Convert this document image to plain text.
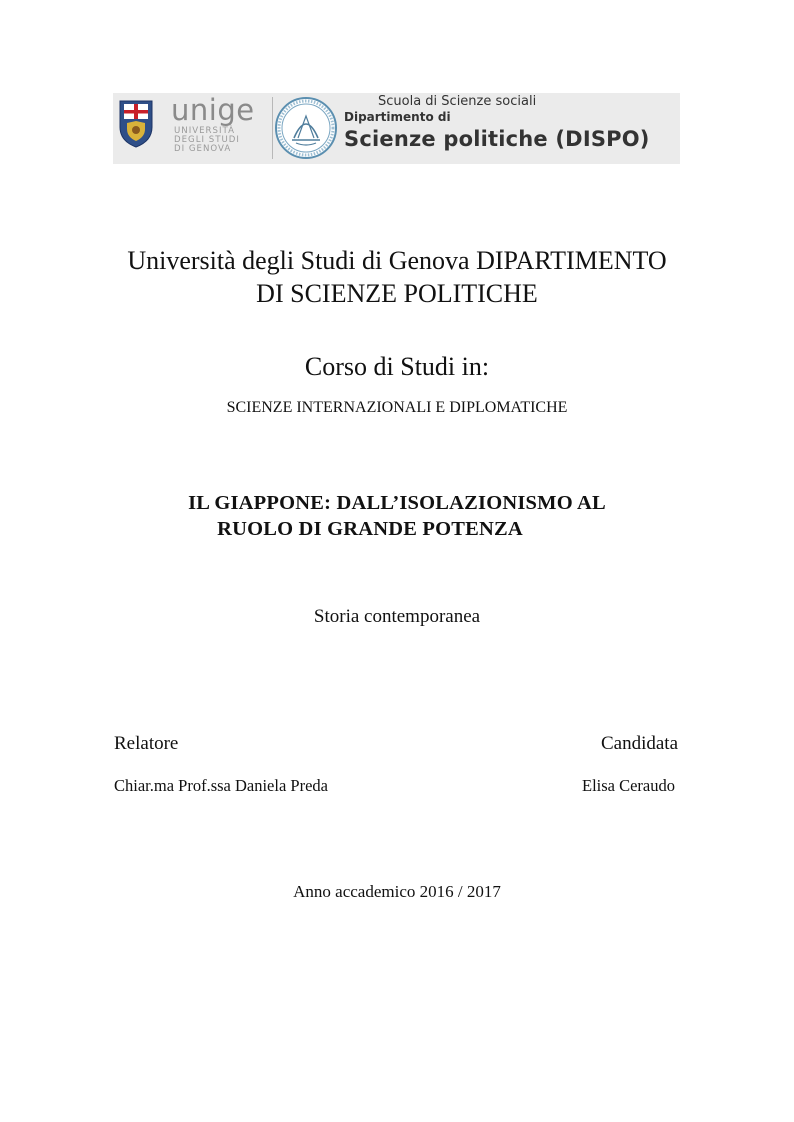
unige
UNIVERSITÀ
DEGLI STUDI
DI GENOVA
Scuola di Scienze sociali
Dipartimento di
Scienze politiche (DISPO)
Università degli Studi di Genova DIPARTIMENTO
DI SCIENZE POLITICHE
Corso di Studi in:
SCIENZE INTERNAZIONALI E DIPLOMATICHE
IL GIAPPONE: DALL’ISOLAZIONISMO AL
RUOLO DI GRANDE POTENZA
Storia contemporanea
Relatore	Candidata
Chiar.ma Prof.ssa Daniela Preda	Elisa Ceraudo
Anno accademico 2016 / 2017
